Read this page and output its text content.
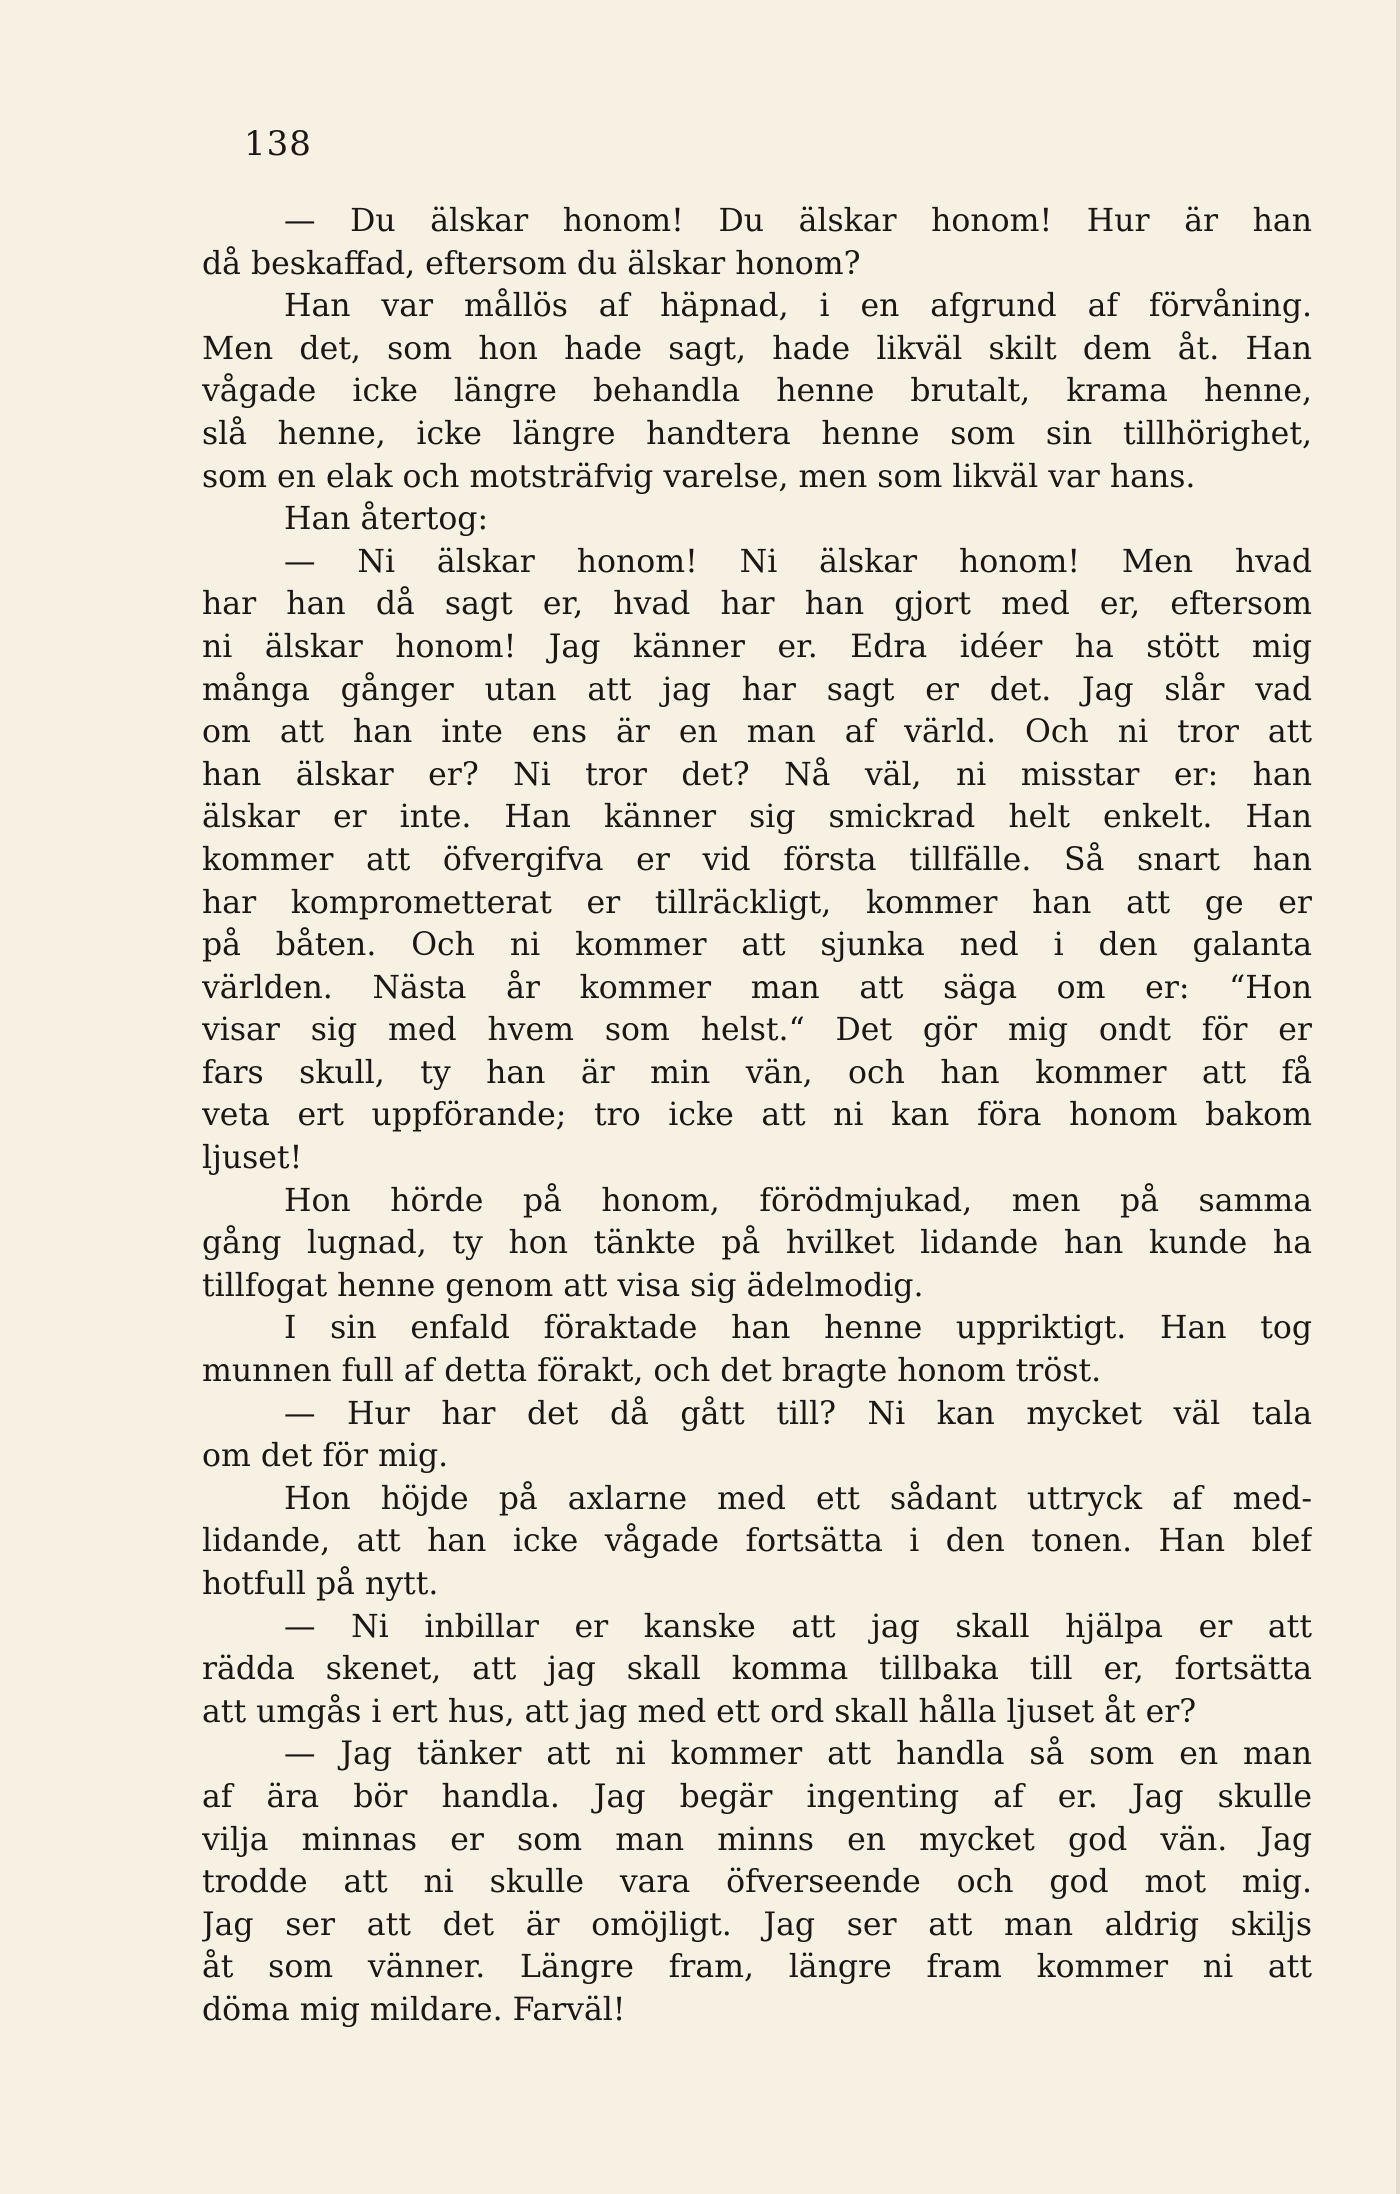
138
— Du älskar honom! Du älskar honom! Hur är han
då beskaffad, eftersom du älskar honom?
Han var mållös af häpnad, i en afgrund af förvåning.
Men det, som hon hade sagt, hade likväl skilt dem åt. Han
vågade icke längre behandla henne brutalt, krama henne,
slå henne, icke längre handtera henne som sin tillhörighet,
som en elak och motsträfvig varelse, men som likväl var hans.
Han återtog:
— Ni älskar honom! Ni älskar honom! Men hvad
har han då sagt er, hvad har han gjort med er, eftersom
ni älskar honom! Jag känner er. Edra idéer ha stött mig
många gånger utan att jag har sagt er det. Jag slår vad
om att han inte ens är en man af värld. Och ni tror att
han älskar er? Ni tror det? Nå väl, ni misstar er: han
älskar er inte. Han känner sig smickrad helt enkelt. Han
kommer att öfvergifva er vid första tillfälle. Så snart han
har komprometterat er tillräckligt, kommer han att ge er
på båten. Och ni kommer att sjunka ned i den galanta
världen. Nästa år kommer man att säga om er: “Hon
visar sig med hvem som helst.“ Det gör mig ondt för er
fars skull, ty han är min vän, och han kommer att få
veta ert uppförande; tro icke att ni kan föra honom bakom
ljuset!
Hon hörde på honom, förödmjukad, men på samma
gång lugnad, ty hon tänkte på hvilket lidande han kunde ha
tillfogat henne genom att visa sig ädelmodig.
I sin enfald föraktade han henne uppriktigt. Han tog
munnen full af detta förakt, och det bragte honom tröst.
— Hur har det då gått till? Ni kan mycket väl tala
om det för mig.
Hon höjde på axlarne med ett sådant uttryck af med-
lidande, att han icke vågade fortsätta i den tonen. Han blef
hotfull på nytt.
— Ni inbillar er kanske att jag skall hjälpa er att
rädda skenet, att jag skall komma tillbaka till er, fortsätta
att umgås i ert hus, att jag med ett ord skall hålla ljuset åt er?
— Jag tänker att ni kommer att handla så som en man
af ära bör handla. Jag begär ingenting af er. Jag skulle
vilja minnas er som man minns en mycket god vän. Jag
trodde att ni skulle vara öfverseende och god mot mig.
Jag ser att det är omöjligt. Jag ser att man aldrig skiljs
åt som vänner. Längre fram, längre fram kommer ni att
döma mig mildare. Farväl!
